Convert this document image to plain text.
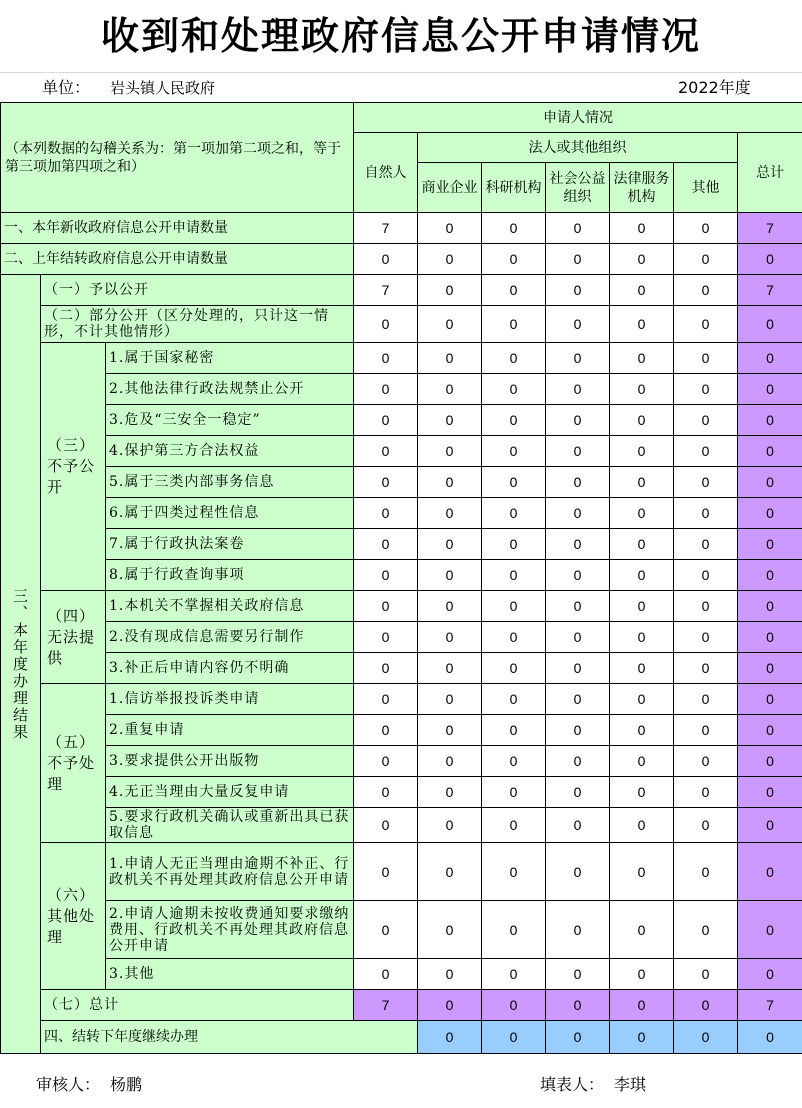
收到和处理政府信息公开申请情况
单位： 岩头镇人民政府	2022年度
（本列数据的勾稽关系为：第一项加第二项之和，等于第三项加第四项之和）			申请人情况							
			自然人	法人或其他组织					总计	
				商业企业	科研机构	社会公益组织	法律服务机构	其他		
一、本年新收政府信息公开申请数量			7	0	0	0	0	0	7	
二、上年结转政府信息公开申请数量			0	0	0	0	0	0	0	

三、本年度办理结果	（一）予以公开		7	0	0	0	0	0	7	

	（二）部分公开（区分处理的，只计这一情形，不计其他情形）		0	0	0	0	0	0	0	
	（三）不予公开	1.属于国家秘密	0	0	0	0	0	0	0	
		2.其他法律行政法规禁止公开	0	0	0	0	0	0	0	
		3.危及“三安全一稳定”	0	0	0	0	0	0	0	
		4.保护第三方合法权益	0	0	0	0	0	0	0	
		5.属于三类内部事务信息	0	0	0	0	0	0	0	
		6.属于四类过程性信息	0	0	0	0	0	0	0	
		7.属于行政执法案卷	0	0	0	0	0	0	0	
		8.属于行政查询事项	0	0	0	0	0	0	0	
	（四）无法提供	1.本机关不掌握相关政府信息	0	0	0	0	0	0	0	
		2.没有现成信息需要另行制作	0	0	0	0	0	0	0	
		3.补正后申请内容仍不明确	0	0	0	0	0	0	0	
	（五）不予处理	1.信访举报投诉类申请	0	0	0	0	0	0	0	
		2.重复申请	0	0	0	0	0	0	0	
		3.要求提供公开出版物	0	0	0	0	0	0	0	
		4.无正当理由大量反复申请	0	0	0	0	0	0	0	

		5.要求行政机关确认或重新出具已获取信息	0	0	0	0	0	0	0	
	（六）其他处理	1.申请人无正当理由逾期不补正、行政机关不再处理其政府信息公开申请	0	0	0	0	0	0	0	

		2.申请人逾期未按收费通知要求缴纳费用、行政机关不再处理其政府信息公开申请	0	0	0	0	0	0	0	
		3.其他	0	0	0	0	0	0	0	
	（七）总计		7	0	0	0	0	0	7	
	四、结转下年度继续办理			0	0	0	0	0	0	
审核人： 杨鹏	填表人： 李琪
